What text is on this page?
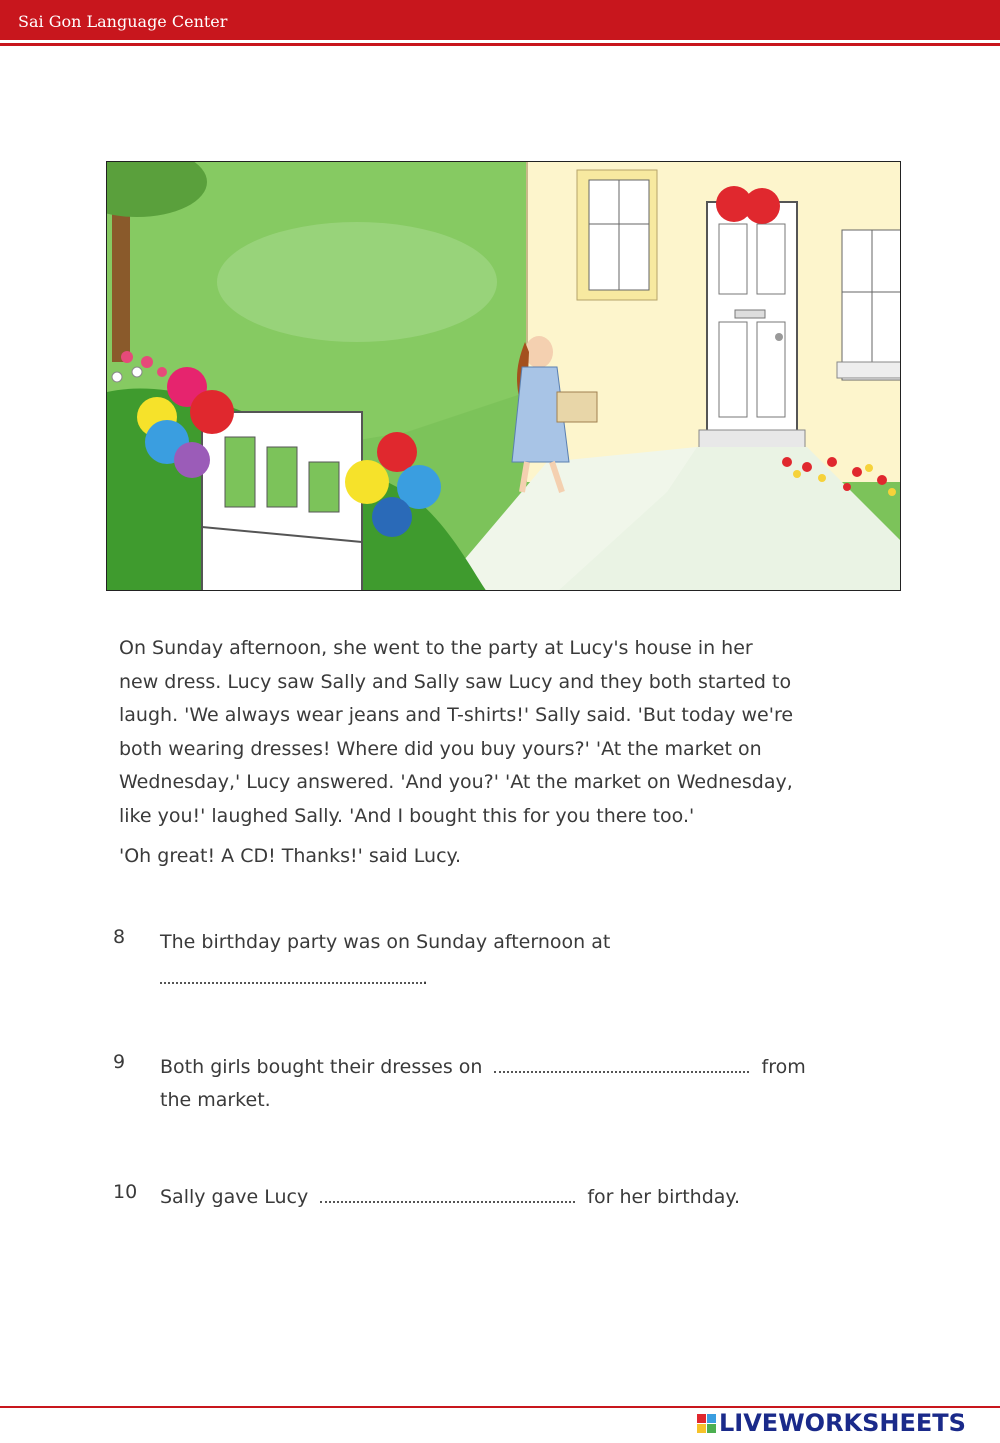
Sai Gon Language Center

On Sunday afternoon, she went to the party at Lucy's house in her
new dress. Lucy saw Sally and Sally saw Lucy and they both started to
laugh. 'We always wear jeans and T-shirts!' Sally said. 'But today we're
both wearing dresses! Where did you buy yours?' 'At the market on
Wednesday,' Lucy answered. 'And you?' 'At the market on Wednesday,
like you!' laughed Sally. 'And I bought this for you there too.'

'Oh great! A CD! Thanks!' said Lucy.

8 The birthday party was on Sunday afternoon at
.
9 Both girls bought their dresses on	from
the market.
10 Sally gave Lucy	for her birthday.
LIVEWORKSHEETS
